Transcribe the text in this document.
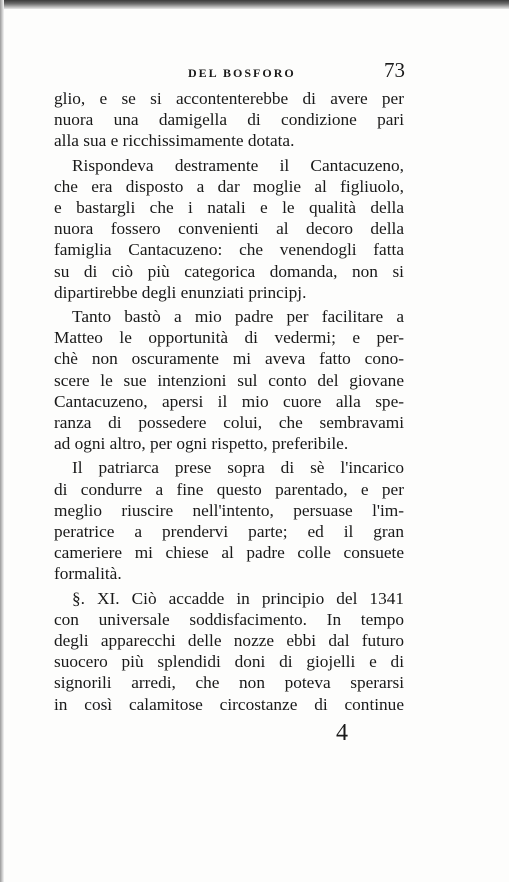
DEL BOSFORO	73
glio, e se si accontenterebbe di avere per
nuora una damigella di condizione pari
alla sua e ricchissimamente dotata.
Rispondeva destramente il Cantacuzeno,
che era disposto a dar moglie al figliuolo,
e bastargli che i natali e le qualità della
nuora fossero convenienti al decoro della
famiglia Cantacuzeno: che venendogli fatta
su di ciò più categorica domanda, non si
dipartirebbe degli enunziati principj.
Tanto bastò a mio padre per facilitare a
Matteo le opportunità di vedermi; e per-
chè non oscuramente mi aveva fatto cono-
scere le sue intenzioni sul conto del giovane
Cantacuzeno, apersi il mio cuore alla spe-
ranza di possedere colui, che sembravami
ad ogni altro, per ogni rispetto, preferibile.
Il patriarca prese sopra di sè l'incarico
di condurre a fine questo parentado, e per
meglio riuscire nell'intento, persuase l'im-
peratrice a prendervi parte; ed il gran
cameriere mi chiese al padre colle consuete
formalità.
§. XI. Ciò accadde in principio del 1341
con universale soddisfacimento. In tempo
degli apparecchi delle nozze ebbi dal futuro
suocero più splendidi doni di giojelli e di
signorili arredi, che non poteva sperarsi
in così calamitose circostanze di continue
4
